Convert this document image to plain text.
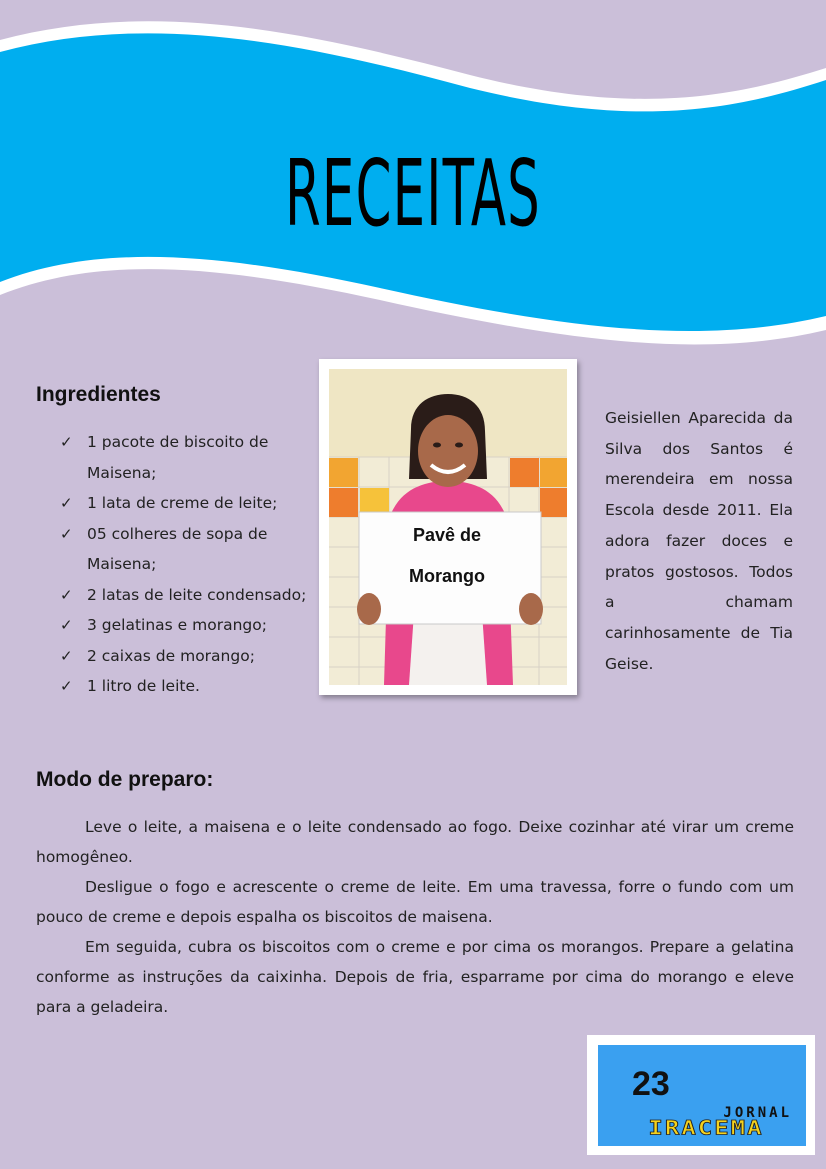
RECEITAS
Ingredientes
✓ 1 pacote de biscoito de Maisena;
✓ 1 lata de creme de leite;
✓ 05 colheres de sopa de Maisena;
✓ 2 latas de leite condensado;
✓ 3 gelatinas e morango;
✓ 2 caixas de morango;
✓ 1 litro de leite.
Pavê de
Morango
Geisiellen Aparecida da Silva dos Santos é merendeira em nossa Escola desde 2011. Ela adora fazer doces e pratos gostosos. Todos a chamam carinhosamente de Tia Geise.
Modo de preparo:

Leve o leite, a maisena e o leite condensado ao fogo. Deixe cozinhar até virar um creme homogêneo.

Desligue o fogo e acrescente o creme de leite. Em uma travessa, forre o fundo com um pouco de creme e depois espalha os biscoitos de maisena.

Em seguida, cubra os biscoitos com o creme e por cima os morangos. Prepare a gelatina conforme as instruções da caixinha. Depois de fria, esparrame por cima do morango e eleve para a geladeira.

23
JORNAL
IRACEMA
